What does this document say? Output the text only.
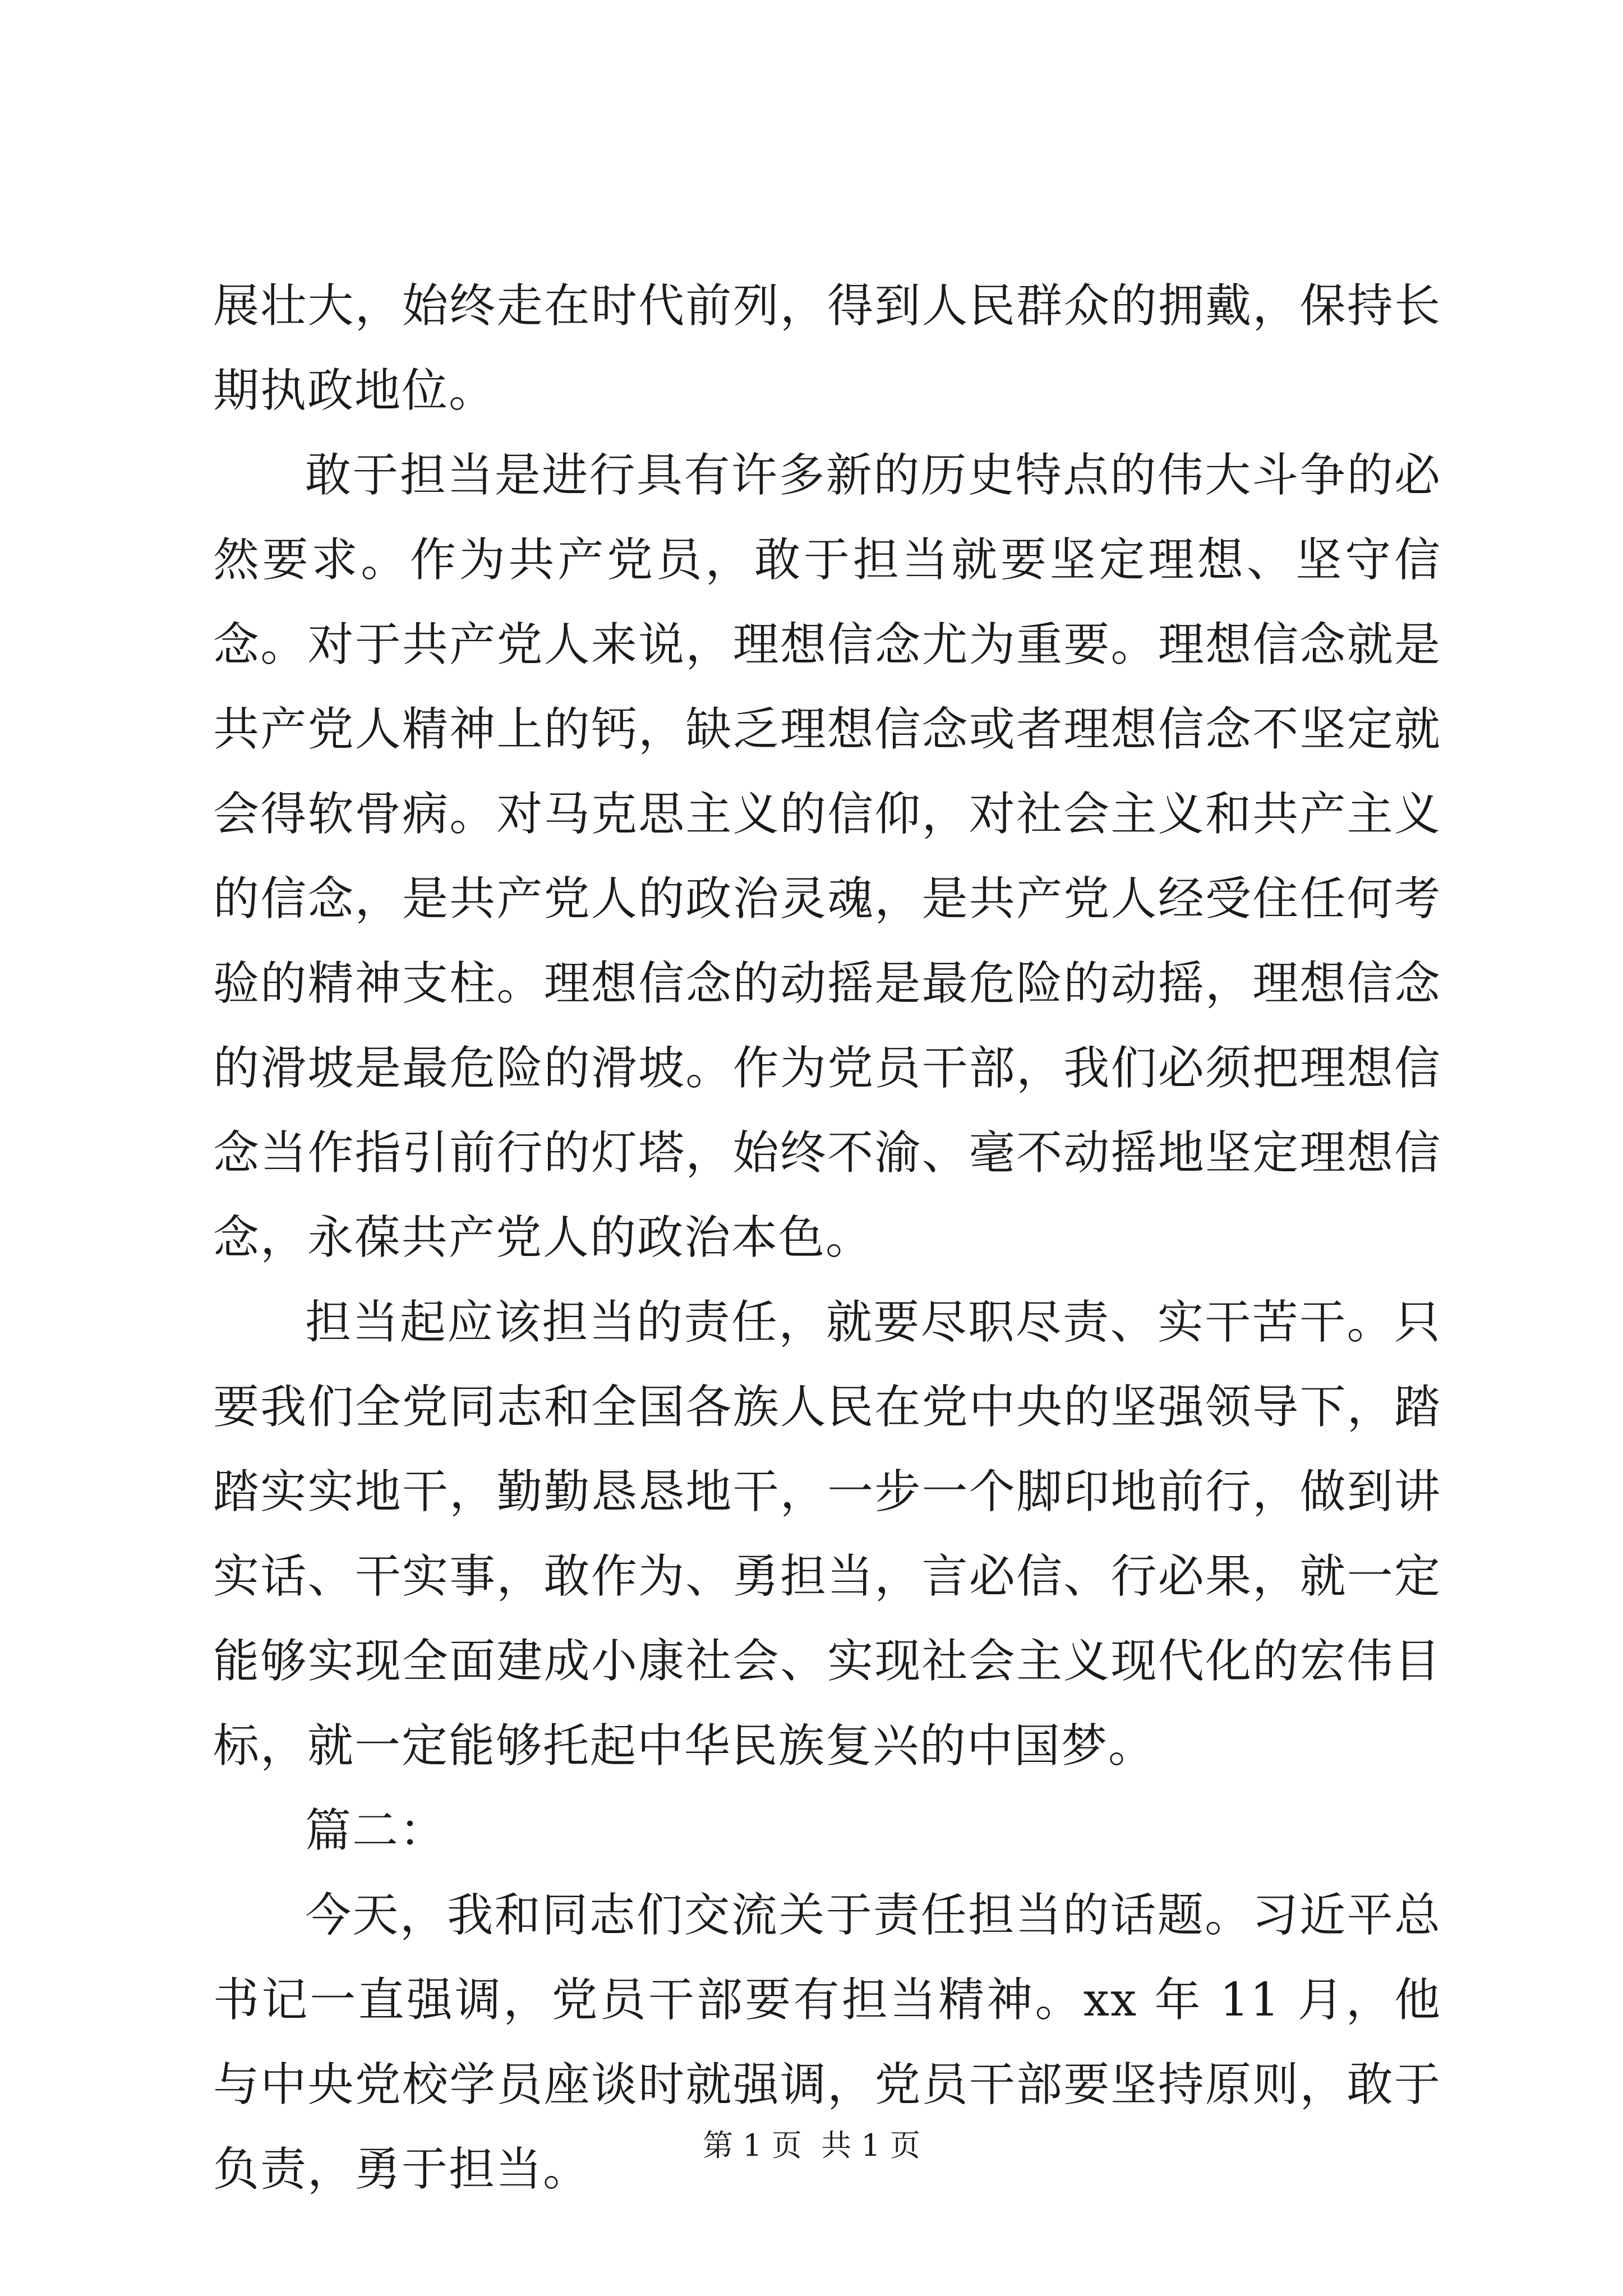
展壮大，始终走在时代前列，得到人民群众的拥戴，保持长期执政地位。

敢于担当是进行具有许多新的历史特点的伟大斗争的必然要求。作为共产党员，敢于担当就要坚定理想、坚守信念。对于共产党人来说，理想信念尤为重要。理想信念就是共产党人精神上的钙，缺乏理想信念或者理想信念不坚定就会得软骨病。对马克思主义的信仰，对社会主义和共产主义的信念，是共产党人的政治灵魂，是共产党人经受住任何考验的精神支柱。理想信念的动摇是最危险的动摇，理想信念的滑坡是最危险的滑坡。作为党员干部，我们必须把理想信念当作指引前行的灯塔，始终不渝、毫不动摇地坚定理想信念，永葆共产党人的政治本色。

担当起应该担当的责任，就要尽职尽责、实干苦干。只要我们全党同志和全国各族人民在党中央的坚强领导下，踏踏实实地干，勤勤恳恳地干，一步一个脚印地前行，做到讲实话、干实事，敢作为、勇担当，言必信、行必果，就一定能够实现全面建成小康社会、实现社会主义现代化的宏伟目标，就一定能够托起中华民族复兴的中国梦。

篇二：

今天，我和同志们交流关于责任担当的话题。习近平总书记一直强调，党员干部要有担当精神。xx 年 11 月，他与中央党校学员座谈时就强调，党员干部要坚持原则，敢于负责，勇于担当。	第 1 页  共 1 页
